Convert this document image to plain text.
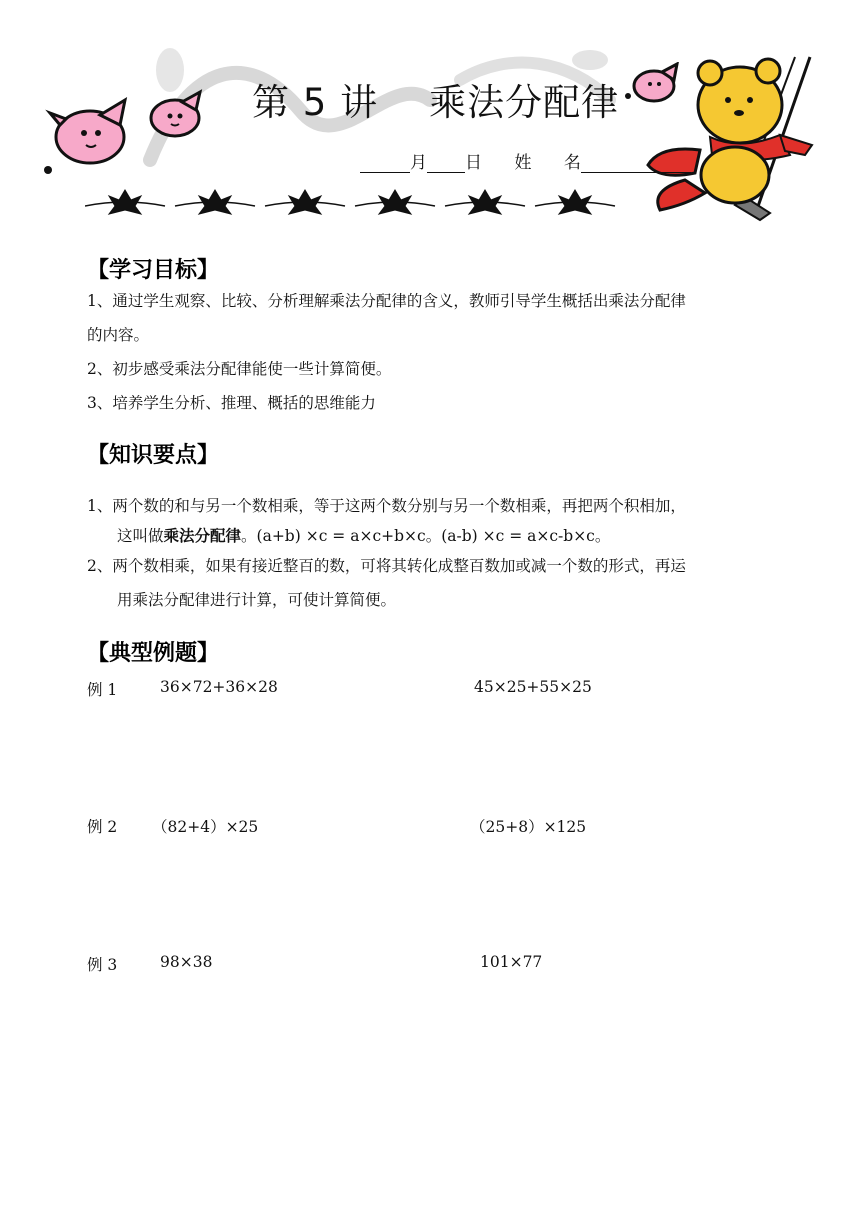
第 5 讲    乘法分配律
月 日 姓      名
【学习目标】
1、通过学生观察、比较、分析理解乘法分配律的含义，教师引导学生概括出乘法分配律
的内容。
2、初步感受乘法分配律能使一些计算简便。
3、培养学生分析、推理、概括的思维能力
【知识要点】
1、两个数的和与另一个数相乘，等于这两个数分别与另一个数相乘，再把两个积相加，
这叫做乘法分配律。(a+b) ×c = a×c+b×c。(a-b) ×c = a×c-b×c。
2、两个数相乘，如果有接近整百的数，可将其转化成整百数加或减一个数的形式，再运
用乘法分配律进行计算，可使计算简便。
【典型例题】
例 1	36×72+36×28	45×25+55×25
例 2 （82+4）×25	（25+8）×125
例 3	98×38	101×77
